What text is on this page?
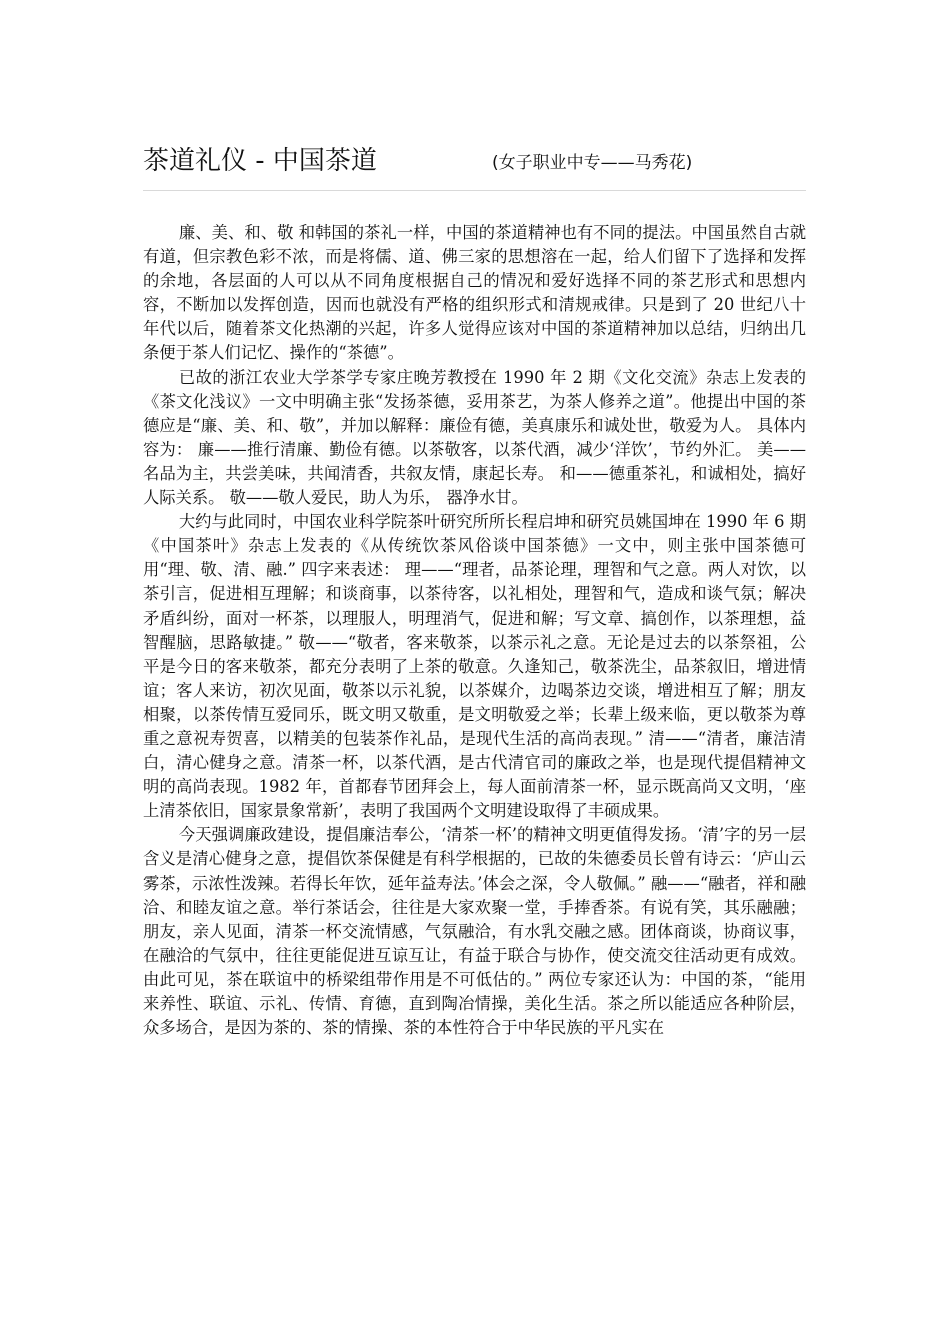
茶道礼仪 - 中国茶道	(女子职业中专——马秀花)

廉、美、和、敬 和韩国的茶礼一样，中国的茶道精神也有不同的提法。中国虽然自古就有道，但宗教色彩不浓，而是将儒、道、佛三家的思想溶在一起，给人们留下了选择和发挥的余地，各层面的人可以从不同角度根据自己的情况和爱好选择不同的茶艺形式和思想内容，不断加以发挥创造，因而也就没有严格的组织形式和清规戒律。只是到了 20 世纪八十年代以后，随着茶文化热潮的兴起，许多人觉得应该对中国的茶道精神加以总结，归纳出几条便于茶人们记忆、操作的“茶德”。

已故的浙江农业大学茶学专家庄晚芳教授在 1990 年 2 期《文化交流》杂志上发表的《茶文化浅议》一文中明确主张“发扬茶德，妥用茶艺，为茶人修养之道”。他提出中国的茶德应是“廉、美、和、敬”，并加以解释：廉俭有德，美真康乐和诚处世，敬爱为人。 具体内容为： 廉——推行清廉、勤俭有德。以茶敬客，以茶代酒，减少‘洋饮’，节约外汇。 美——名品为主，共尝美味，共闻清香，共叙友情，康起长寿。 和——德重茶礼，和诚相处，搞好人际关系。 敬——敬人爱民，助人为乐， 器净水甘。

大约与此同时，中国农业科学院茶叶研究所所长程启坤和研究员姚国坤在 1990 年 6 期《中国茶叶》杂志上发表的《从传统饮茶风俗谈中国茶德》一文中，则主张中国茶德可用“理、敬、清、融.” 四字来表述： 理——“理者，品茶论理，理智和气之意。两人对饮，以茶引言，促进相互理解；和谈商事，以茶待客，以礼相处，理智和气，造成和谈气氛；解决矛盾纠纷，面对一杯茶，以理服人，明理消气，促进和解；写文章、搞创作，以茶理想，益智醒脑，思路敏捷。” 敬——“敬者，客来敬茶，以茶示礼之意。无论是过去的以茶祭祖，公平是今日的客来敬茶，都充分表明了上茶的敬意。久逢知己，敬茶洗尘，品茶叙旧，增进情谊；客人来访，初次见面，敬茶以示礼貌，以茶媒介，边喝茶边交谈，增进相互了解；朋友相聚，以茶传情互爱同乐，既文明又敬重，是文明敬爱之举；长辈上级来临，更以敬茶为尊重之意祝寿贺喜，以精美的包装茶作礼品，是现代生活的高尚表现。” 清——“清者，廉洁清白，清心健身之意。清茶一杯，以茶代酒，是古代清官司的廉政之举，也是现代提倡精神文明的高尚表现。1982 年，首都春节团拜会上，每人面前清茶一杯，显示既高尚又文明，‘座上清茶依旧，国家景象常新’，表明了我国两个文明建设取得了丰硕成果。

今天强调廉政建设，提倡廉洁奉公，‘清茶一杯’的精神文明更值得发扬。‘清’字的另一层含义是清心健身之意，提倡饮茶保健是有科学根据的，已故的朱德委员长曾有诗云：‘庐山云雾茶，示浓性泼辣。若得长年饮，延年益寿法。’体会之深，令人敬佩。” 融——“融者，祥和融洽、和睦友谊之意。举行茶话会，往往是大家欢聚一堂，手捧香茶。有说有笑，其乐融融；朋友，亲人见面，清茶一杯交流情感，气氛融洽，有水乳交融之感。团体商谈，协商议事，在融洽的气氛中，往往更能促进互谅互让，有益于联合与协作，使交流交往活动更有成效。由此可见，茶在联谊中的桥梁组带作用是不可低估的。” 两位专家还认为：中国的茶，“能用来养性、联谊、示礼、传情、育德，直到陶冶情操，美化生活。茶之所以能适应各种阶层，众多场合，是因为茶的、茶的情操、茶的本性符合于中华民族的平凡实在
